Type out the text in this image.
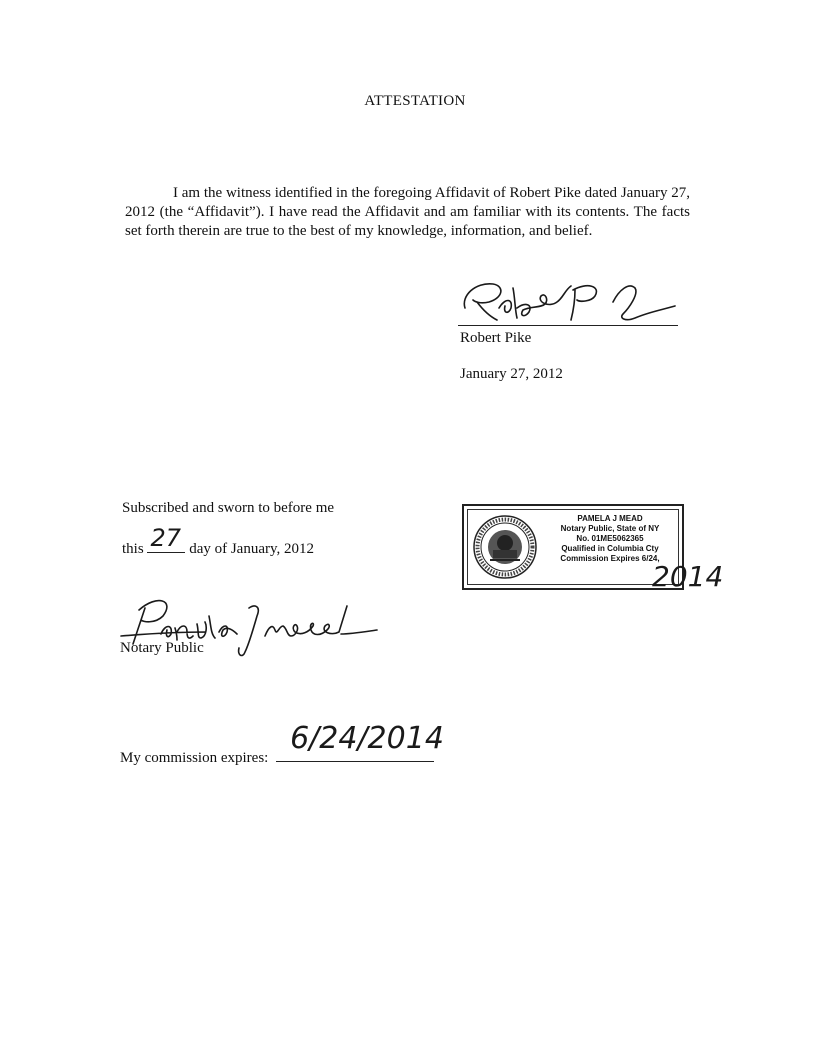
ATTESTATION
I am the witness identified in the foregoing Affidavit of Robert Pike dated January 27, 2012 (the “Affidavit”). I have read the Affidavit and am familiar with its contents. The facts set forth therein are true to the best of my knowledge, information, and belief.
Robert Pike
January 27, 2012
Subscribed and sworn to before me
this 27 day of January, 2012
PAMELA J MEAD
Notary Public, State of NY
No. 01ME5062365
Qualified in Columbia Cty
Commission Expires 6/24,
2014
Notary Public
My commission expires:
6/24/2014
